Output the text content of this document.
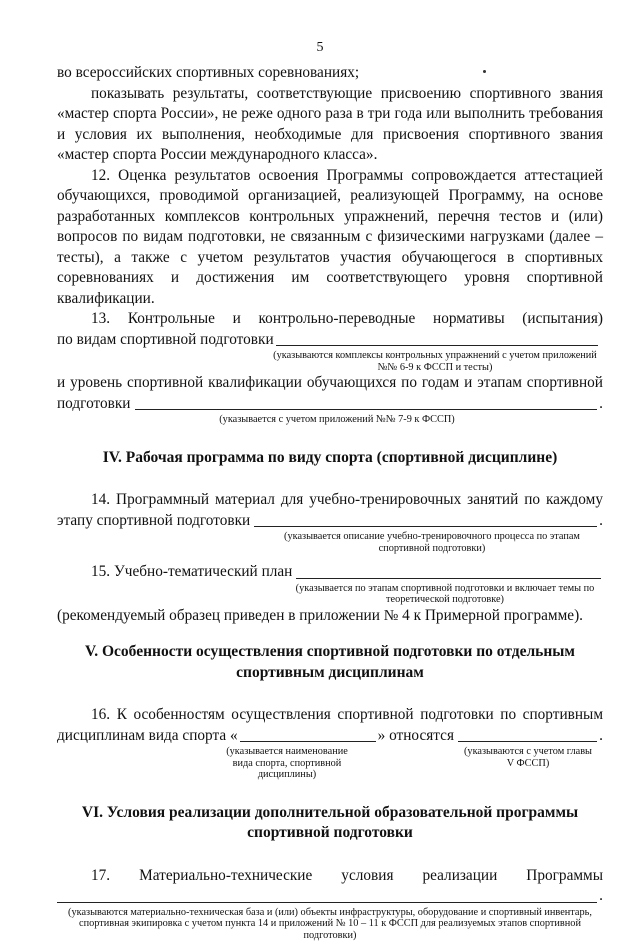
5

во всероссийских спортивных соревнованиях;

показывать результаты, соответствующие присвоению спортивного звания «мастер спорта России», не реже одного раза в три года или выполнить требования и условия их выполнения, необходимые для присвоения спортивного звания «мастер спорта России международного класса».

12. Оценка результатов освоения Программы сопровождается аттестацией обучающихся, проводимой организацией, реализующей Программу, на основе разработанных комплексов контрольных упражнений, перечня тестов и (или) вопросов по видам подготовки, не связанным с физическими нагрузками (далее – тесты), а также с учетом результатов участия обучающегося в спортивных соревнованиях и достижения им соответствующего уровня спортивной квалификации.

13. Контрольные и контрольно-переводные нормативы (испытания)

по видам спортивной подготовки
(указываются комплексы контрольных упражнений с учетом приложений №№ 6-9 к ФССП и тесты)

и уровень спортивной квалификации обучающихся по годам и этапам спортивной

подготовки	.
(указывается с учетом приложений №№ 7-9 к ФССП)

IV. Рабочая программа по виду спорта (спортивной дисциплине)

14. Программный материал для учебно-тренировочных занятий по каждому

этапу спортивной подготовки	.
(указывается описание учебно-тренировочного процесса по этапам спортивной подготовки)
15. Учебно-тематический план
(указывается по этапам спортивной подготовки и включает темы по теоретической подготовке)

(рекомендуемый образец приведен в приложении № 4 к Примерной программе).

V. Особенности осуществления спортивной подготовки по отдельным спортивным дисциплинам

16. К особенностям осуществления спортивной подготовки по спортивным

дисциплинам вида спорта «	» относятся	.
(указывается наименование вида спорта, спортивной дисциплины)
(указываются с учетом главы V ФССП)

VI. Условия реализации дополнительной образовательной программы спортивной подготовки

17. Материально-технические условия реализации Программы

.
(указываются материально-техническая база и (или) объекты инфраструктуры, оборудование и спортивный инвентарь, спортивная экипировка с учетом пункта 14 и приложений № 10 – 11 к ФССП для реализуемых этапов спортивной подготовки)
